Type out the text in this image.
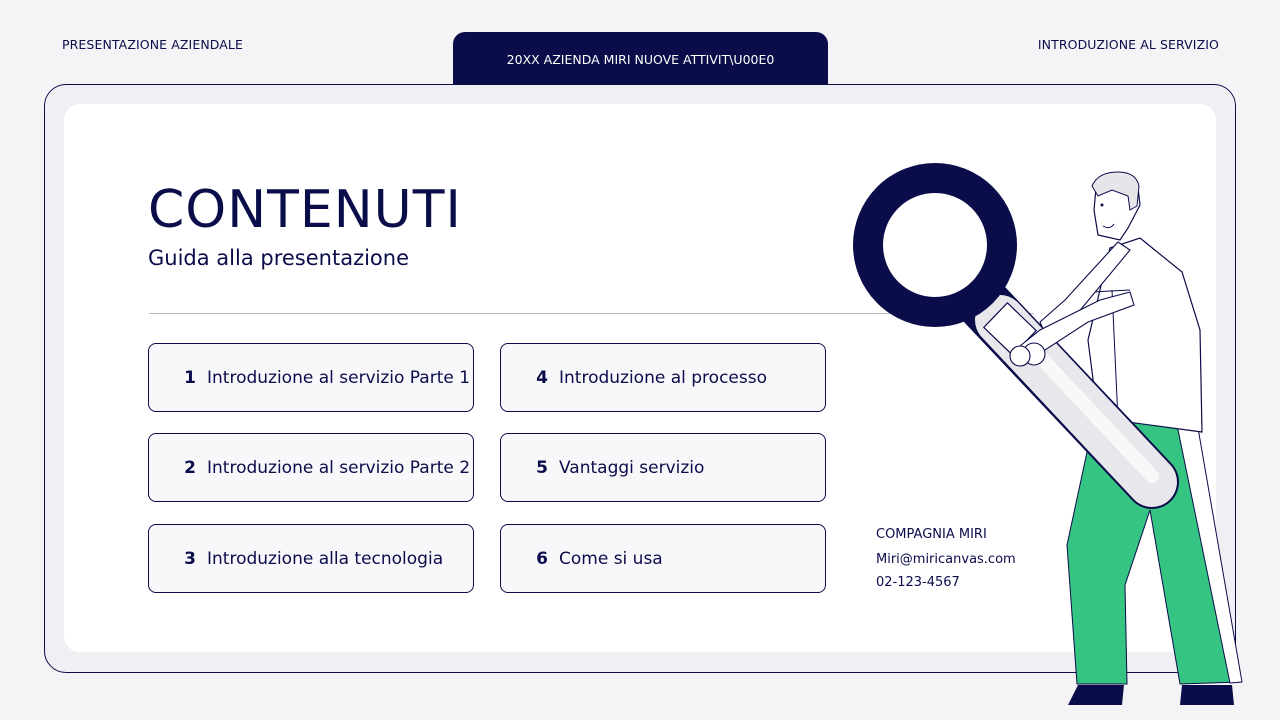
PRESENTAZIONE AZIENDALE
20XX AZIENDA MIRI NUOVE ATTIVIT\U00E0
INTRODUZIONE AL SERVIZIO
CONTENUTI
Guida alla presentazione
1 Introduzione al servizio Parte 1
2 Introduzione al servizio Parte 2
3 Introduzione alla tecnologia
4 Introduzione al processo
5 Vantaggi servizio
6 Come si usa
COMPAGNIA MIRI
Miri@miricanvas.com
02-123-4567
